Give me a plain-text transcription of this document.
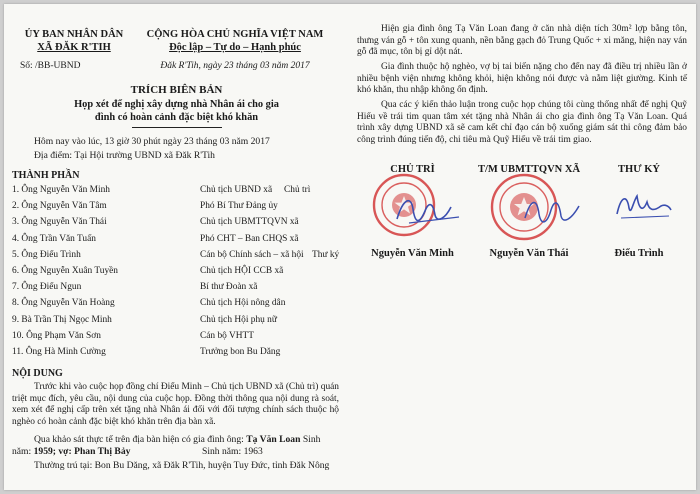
ỦY BAN NHÂN DÂN
XÃ ĐĂK R'TIH
Số: /BB-UBND
CỘNG HÒA CHỦ NGHĨA VIỆT NAM
Độc lập – Tự do – Hạnh phúc
Đăk R'Tih, ngày 23 tháng 03 năm 2017
TRÍCH BIÊN BẢN
Họp xét để nghị xây dựng nhà Nhân ái cho gia
đình có hoàn cảnh đặc biệt khó khăn
Hôm nay vào lúc, 13 giờ 30 phút ngày 23 tháng 03 năm 2017
Địa điểm: Tại Hội trường UBND xã Đăk R'Tih
THÀNH PHẦN
1. Ông Nguyễn Văn Minh	Chủ tịch UBND xã Chủ trì
2. Ông Nguyễn Văn Tâm	Phó Bí Thư Đảng ủy
3. Ông Nguyễn Văn Thái	Chủ tịch UBMTTQVN xã
4. Ông Trần Văn Tuấn	Phó CHT – Ban CHQS xã
5. Ông Điểu Trình	Cán bộ Chính sách – xã hội Thư ký
6. Ông Nguyễn Xuân Tuyền	Chủ tịch HỘI CCB xã
7. Ông Điểu Ngun	Bí thư Đoàn xã
8. Ông Nguyễn Văn Hoàng	Chủ tịch Hội nông dân
9. Bà Trần Thị Ngọc Minh	Chủ tịch Hội phụ nữ
10. Ông Phạm Văn Sơn	Cán bộ VHTT
11. Ông Hà Minh Cường	Trưởng bon Bu Dăng
NỘI DUNG
Trước khi vào cuộc họp đồng chí Điểu Minh – Chủ tịch UBND xã (Chủ trì) quán triệt mục đích, yêu cầu, nội dung của cuộc họp. Đồng thời thông qua nội dung rà soát, xem xét để nghị cấp trên xét tặng nhà Nhân ái đối với đối tượng chính sách thuộc hộ nghèo có hoàn cảnh đặc biệt khó khăn trên địa bàn xã.
Qua khảo sát thực tế trên địa bàn hiện có gia đình ông: Tạ Văn Loan Sinh
năm: 1959; vợ: Phan Thị Bảy	Sinh năm: 1963
Thường trú tại: Bon Bu Dăng, xã Đăk R'Tih, huyện Tuy Đức, tỉnh Đăk Nông
Hiện gia đình ông Tạ Văn Loan đang ở căn nhà diện tích 30m² lợp bằng tôn, thưng ván gỗ + tôn xung quanh, nền bằng gạch đỏ Trung Quốc + xi măng, hiện nay ván gỗ đã mục, tôn bị gỉ dột nát.
Gia đình thuộc hộ nghèo, vợ bị tai biến nặng cho đến nay đã điều trị nhiều lần ở nhiều bệnh viện nhưng không khỏi, hiện không nói được và nằm liệt giường. Kinh tế khó khăn, thu nhập không ổn định.
Qua các ý kiến thảo luận trong cuộc họp chúng tôi cùng thống nhất để nghị Quỹ Hiếu về trái tim quan tâm xét tặng nhà Nhân ái cho gia đình ông Tạ Văn Loan. Quá trình xây dựng UBND xã sẽ cam kết chỉ đạo cán bộ xuống giám sát thi công đảm bảo công trình đúng tiến độ, chi tiêu mà Quỹ Hiếu về trái tim giao.
CHỦ TRÌ	T/M UBMTTQVN XÃ	THƯ KÝ
Nguyễn Văn Minh	Nguyễn Văn Thái	Điểu Trình
